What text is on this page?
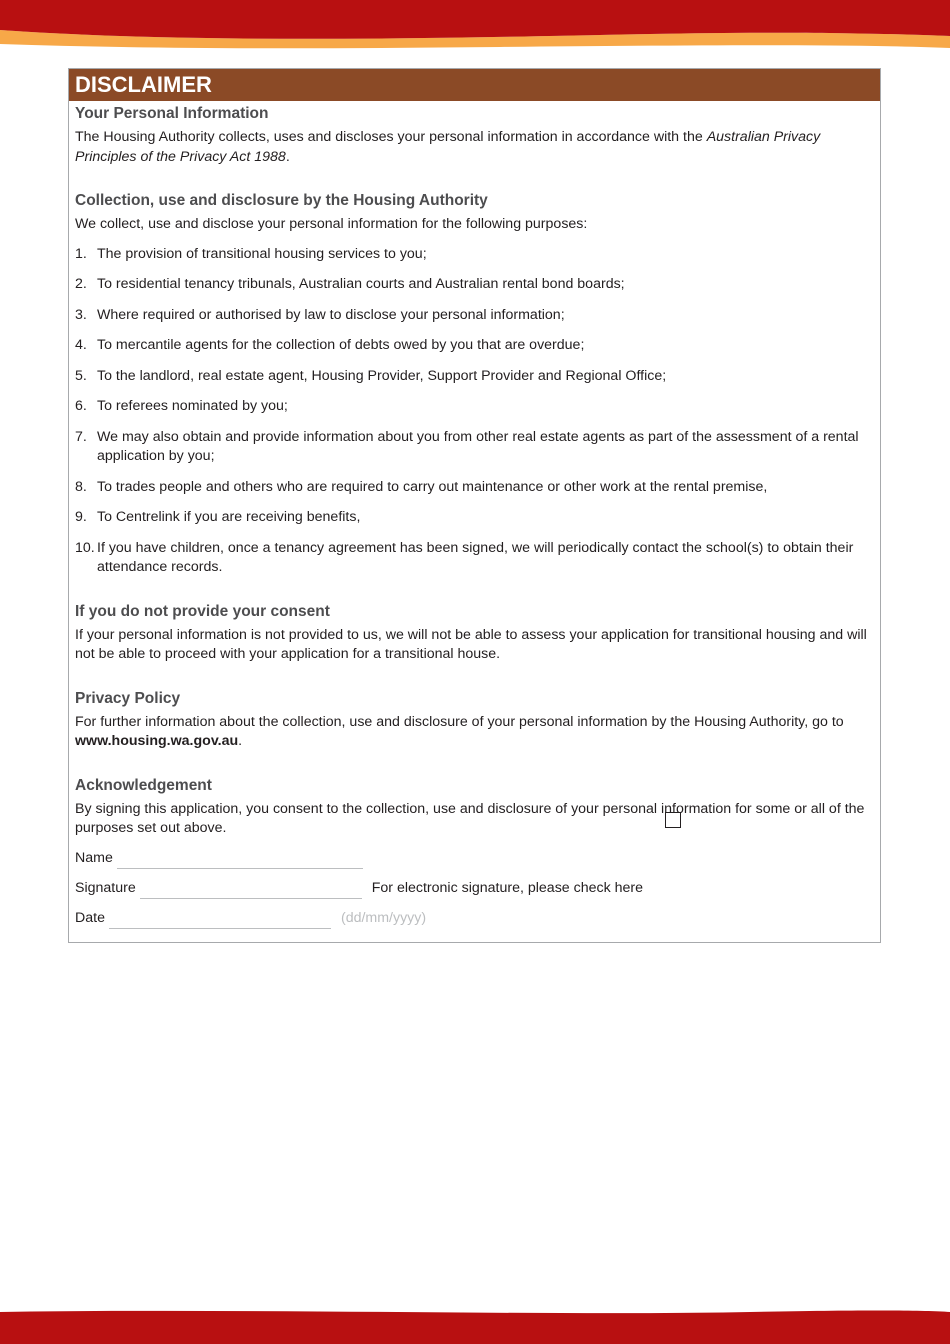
DISCLAIMER
Your Personal Information

The Housing Authority collects, uses and discloses your personal information in accordance with the Australian Privacy Principles of the Privacy Act 1988.

Collection, use and disclosure by the Housing Authority

We collect, use and disclose your personal information for the following purposes:

1. The provision of transitional housing services to you;
2. To residential tenancy tribunals, Australian courts and Australian rental bond boards;
3. Where required or authorised by law to disclose your personal information;
4. To mercantile agents for the collection of debts owed by you that are overdue;
5. To the landlord, real estate agent, Housing Provider, Support Provider and Regional Office;
6. To referees nominated by you;
7. We may also obtain and provide information about you from other real estate agents as part of the assessment of a rental application by you;
8. To trades people and others who are required to carry out maintenance or other work at the rental premise,
9. To Centrelink if you are receiving benefits,
10. If you have children, once a tenancy agreement has been signed, we will periodically contact the school(s) to obtain their attendance records.
If you do not provide your consent

If your personal information is not provided to us, we will not be able to assess your application for transitional housing and will not be able to proceed with your application for a transitional house.

Privacy Policy

For further information about the collection, use and disclosure of your personal information by the Housing Authority, go to www.housing.wa.gov.au.

Acknowledgement

By signing this application, you consent to the collection, use and disclosure of your personal information for some or all of the purposes set out above.

Name
Signature	For electronic signature, please check here
Date	(dd/mm/yyyy)
